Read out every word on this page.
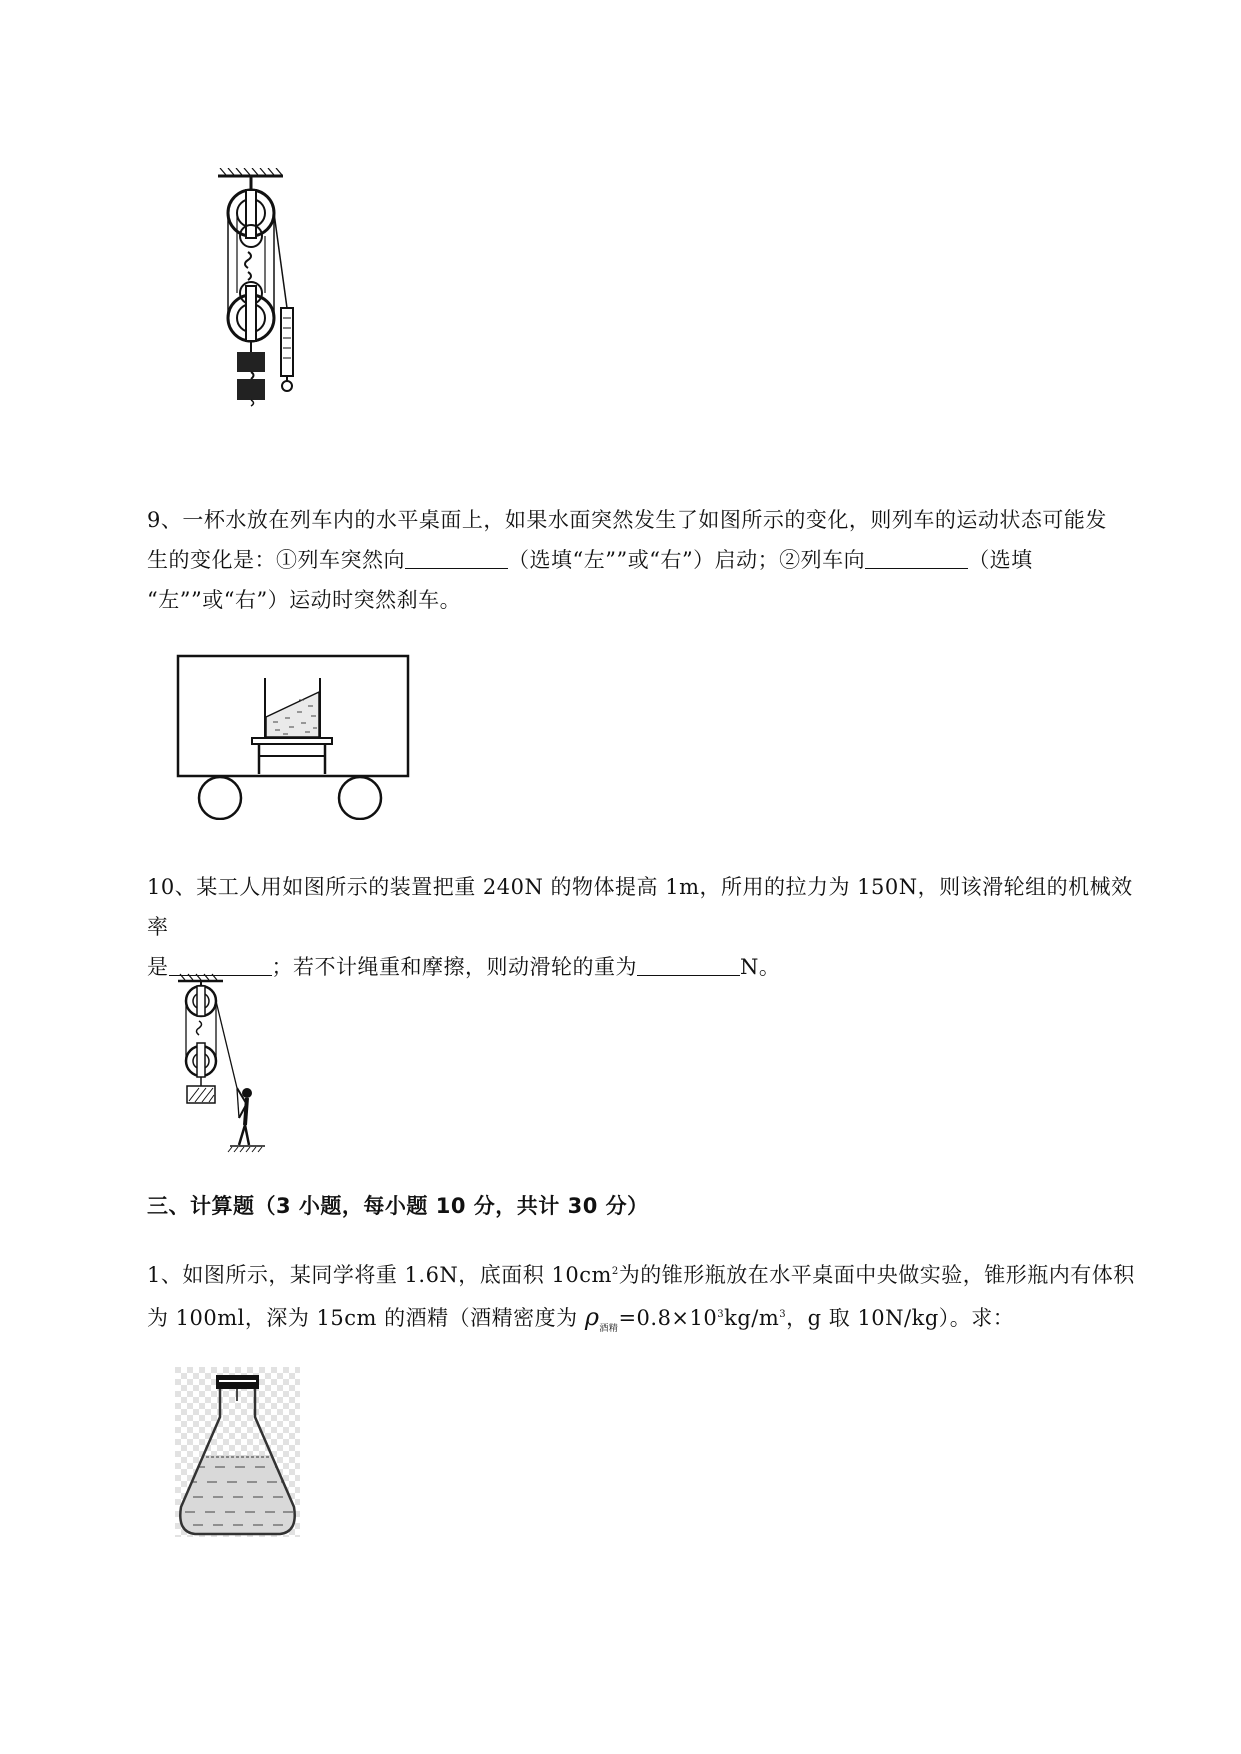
9、一杯水放在列车内的水平桌面上，如果水面突然发生了如图所示的变化，则列车的运动状态可能发
生的变化是：①列车突然向	（选填“左””或“右”）启动；②列车向	（选填
“左””或“右”）运动时突然刹车。
10、某工人用如图所示的装置把重 240N 的物体提高 1m，所用的拉力为 150N，则该滑轮组的机械效率
是	；若不计绳重和摩擦，则动滑轮的重为	N。
三、计算题（3 小题，每小题 10 分，共计 30 分）
1、如图所示，某同学将重 1.6N，底面积 $10cm^2$为的锥形瓶放在水平桌面中央做实验，锥形瓶内有体积
为 100ml，深为 15cm 的酒精（酒精密度为 $\rho_{酒精}=0.8\times 10^3kg/m^3$，g 取 10N/kg）。求：
